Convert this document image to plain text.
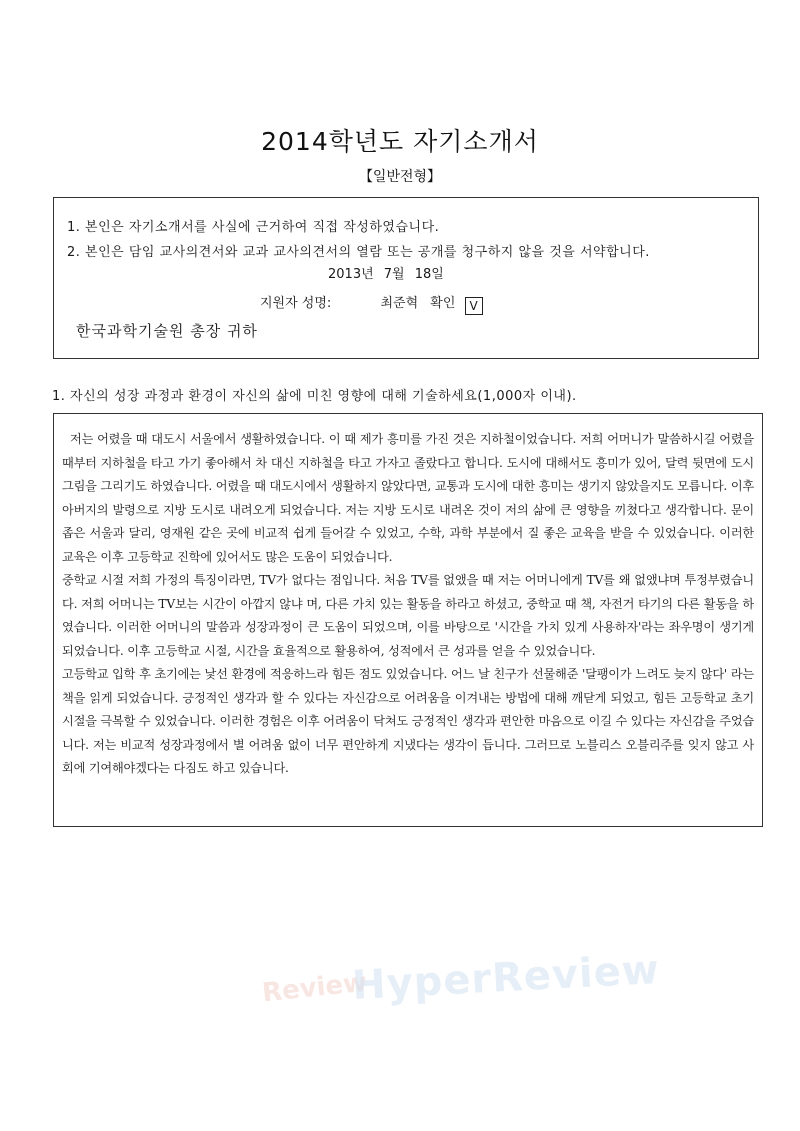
2014학년도 자기소개서
【일반전형】
1. 본인은 자기소개서를 사실에 근거하여 직접 작성하였습니다.
2. 본인은 담임 교사의견서와 교과 교사의견서의 열람 또는 공개를 청구하지 않을 것을 서약합니다.
2013년 7월 18일
지원자 성명:	최준혁 확인 V
한국과학기술원 총장 귀하
1. 자신의 성장 과정과 환경이 자신의 삶에 미친 영향에 대해 기술하세요(1,000자 이내).

저는 어렸을 때 대도시 서울에서 생활하였습니다. 이 때 제가 흥미를 가진 것은 지하철이었습니다. 저희 어머니가 말씀하시길 어렸을 때부터 지하철을 타고 가기 좋아해서 차 대신 지하철을 타고 가자고 졸랐다고 합니다. 도시에 대해서도 흥미가 있어, 달력 뒷면에 도시 그림을 그리기도 하였습니다. 어렸을 때 대도시에서 생활하지 않았다면, 교통과 도시에 대한 흥미는 생기지 않았을지도 모릅니다. 이후 아버지의 발령으로 지방 도시로 내려오게 되었습니다. 저는 지방 도시로 내려온 것이 저의 삶에 큰 영향을 끼쳤다고 생각합니다. 문이 좁은 서울과 달리, 영재원 같은 곳에 비교적 쉽게 들어갈 수 있었고, 수학, 과학 부분에서 질 좋은 교육을 받을 수 있었습니다. 이러한 교육은 이후 고등학교 진학에 있어서도 많은 도움이 되었습니다.

중학교 시절 저희 가정의 특징이라면, TV가 없다는 점입니다. 처음 TV를 없앴을 때 저는 어머니에게 TV를 왜 없앴냐며 투정부렸습니다. 저희 어머니는 TV보는 시간이 아깝지 않냐 며, 다른 가치 있는 활동을 하라고 하셨고, 중학교 때 책, 자전거 타기의 다른 활동을 하였습니다. 이러한 어머니의 말씀과 성장과정이 큰 도움이 되었으며, 이를 바탕으로 '시간을 가치 있게 사용하자'라는 좌우명이 생기게 되었습니다. 이후 고등학교 시절, 시간을 효율적으로 활용하여, 성적에서 큰 성과를 얻을 수 있었습니다.

고등학교 입학 후 초기에는 낯선 환경에 적응하느라 힘든 점도 있었습니다. 어느 날 친구가 선물해준 '달팽이가 느려도 늦지 않다' 라는 책을 읽게 되었습니다. 긍정적인 생각과 할 수 있다는 자신감으로 어려움을 이겨내는 방법에 대해 깨닫게 되었고, 힘든 고등학교 초기 시절을 극복할 수 있었습니다. 이러한 경험은 이후 어려움이 닥쳐도 긍정적인 생각과 편안한 마음으로 이길 수 있다는 자신감을 주었습니다. 저는 비교적 성장과정에서 별 어려움 없이 너무 편안하게 지냈다는 생각이 듭니다. 그러므로 노블리스 오블리주를 잊지 않고 사회에 기여해야겠다는 다짐도 하고 있습니다.

Review
HyperReview
